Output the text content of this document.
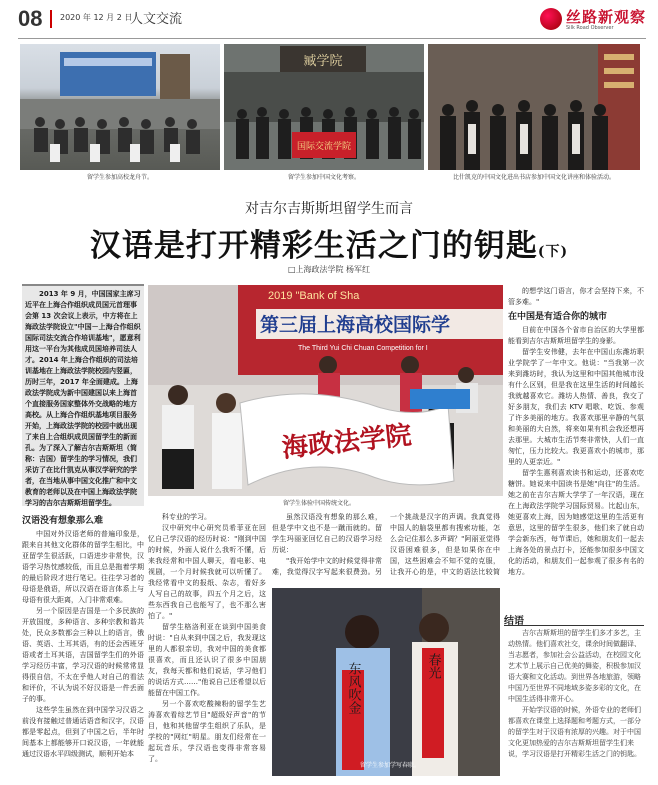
08 2020 年 12 月 2 日
人文交流	丝路新观察
Silk Road Observer
留学生参加高校龙舟节。
臧学院
国际交流学院
留学生参加中国文化考察。	比什凯克的中国文化进出书店参加中国文化讲座和体验活动。
对吉尔吉斯斯坦留学生而言
汉语是打开精彩生活之门的钥匙(下)
□上海政法学院 杨军红

2013 年 9 月，中国国家主席习近平在上海合作组织成员国元首理事会第 13 次会议上表示，中方将在上海政法学院设立"中国－上海合作组织国际司法交流合作培训基地"，愿意利用这一平台为其他成员国培养司法人才。2014 年上海合作组织的司法培训基地在上海政法学院校园内竖匾，历时三年，2017 年全面建成。上海政法学院成为新中国建国以来上海首个直接服务国家整体外交战略的地方高校。从上海合作组织基地项目服务开始，上海政法学院的校园中就出现了来自上合组织成员国留学生的新面孔。为了深入了解吉尔吉斯斯坦（简称：吉国）留学生的学习情况，我们采访了在比什凯克从事汉学研究的学者，在当地从事中国文化推广和中文教育的老师以及在中国上海政法学院学习的吉尔吉斯斯坦留学生。

2019 "Bank of Sha
第三届上海高校国际学
The Third Yui Chi Chuan Competition for I
海政法学院
留学生体验中国传统文化。
汉语没有想象那么难

中国对外汉语老师的普遍印象是，跟来自其他文化群体的留学生相比，中亚留学生很活跃，口语进步非常快，汉语学习热忱感较低，而且总是拖着学期的最后阶段才进行笔记。往往学习者的母语是俄语，所以汉语在语言体系上与母语有很大距离，入门非常艰难。

另一个原因是吉国是一个多民族的开放国度，多种语言、多种宗教和谐共处，民众多数都会三种以上的语言，俄语、英语、土耳其语，有的还会西班牙语或者土耳其语，吉国留学生们的外语学习经历丰富，学习汉语的时候常常显得很自信，不太在乎他人对自己的看法和评价，不认为说不好汉语是一件丢面子的事。

这些学生虽然在到中国学习汉语之前没有接触过普通话语音和汉字，汉语都是零起点，但到了中国之后，半年时间基本上都能够开口说汉语，一年就能通过汉语水平四级测试，顺利开始本

科专业的学习。

汉中研究中心研究员希菲亚在回忆自己学汉语的经历时说："刚到中国的时候，外面人说什么我听不懂，后来我经常和中国人聊天，看电影、电视剧，一个月时候我就可以听懂了。我经常看中文的报纸、杂志，看好多人写自己的故事，四五个月之后，这些东西我自己也能写了，也不那么害怕了。"

留学生格洛利亚在谈到中国美食时说："自从来到中国之后，我发现这里的人都很亲切，我对中国的美食都很喜欢，而且还认识了很多中国朋友，我每天都和他们说话，学习他们的说话方式……"他说自己还希望以后能留在中国工作。

另一个喜欢吃酸辣粉的留学生艺涛喜欢看综艺节目"超级好声音"的节目，他和其他留学生组织了乐队，是学校的"网红"明星。朋友们经常在一起玩音乐，学汉语也变得非常容易了。

虽然汉语没有想象的那么难，但是学中文也不是一蹴而就的。留学生玛丽亚回忆自己的汉语学习经历说：

"我开始学中文的时候觉得非常难，我觉得汉字写起来很费劲。另一个挑战是汉字的声调。我真觉得中国人的脑袋里都有搜索功能，怎么会记住那么多声调？"阿丽亚觉得汉语困难很多，但是如果你在中国，这些困难会不知不觉的克服，让我开心的是，中文的语法比较简

东风吹金	春光
留学生参加学写春联。

的想学这门语言，你才会坚持下来，不管多难。"

在中国是有适合你的城市

目前在中国各个省市自治区的大学里都能看到吉尔吉斯斯坦留学生的身影。

留学生安伟健，去年在中国山东潍坊职业学院学了一年中文。他说："当我第一次来到潍坊时，我认为这里和中国其他城市没有什么区别，但是我在这里生活的时间越长我就越喜欢它。潍坊人热情、善良，我交了好多朋友，我们去 KTV 唱歌、吃饭、参观了许多美丽的地方。我喜欢那里辛静的气氛和美丽的大自然，将来如果有机会我还想再去那里。大城市生活节奏非常快，人们一直匆忙，压力比较大。我更喜欢小的城市，那里的人更亲近。"

留学生惠利喜欢读书和运动，还喜欢吃糖饼。她说来中国读书是她"向往"的生活。她之前在吉尔吉斯大学学了一年汉语，现在在上海政法学院学习国际贸易。比起山东，她更喜欢上海，因为她感觉这里的生活更有意思，这里的留学生很多，他们来了就自动学会新东西，每节课后，她和朋友们一起去上海各处的景点打卡，还能参加很多中国文化的活动，和朋友们一起参观了很多有名的地方。

结语

吉尔吉斯斯坦的留学生们多才多艺，主动热情。他们喜欢社交，课余时间做翻译、当志愿者，参加社会公益活动，在校园文化艺术节上展示自己优美的舞姿，积极参加汉语大赛和文化活动。到世界各地旅游，领略中国乃至世界不同地域多姿多彩的文化，在中国生活得非常开心。

开始学汉语的时候，外语专业的老师们都喜欢在课堂上选择题和考题方式，一部分的留学生对于汉语有浓厚的兴趣。对于中国文化更加热爱的吉尔吉斯斯坦留学生们来说，学习汉语是打开精彩生活之门的钥匙。
